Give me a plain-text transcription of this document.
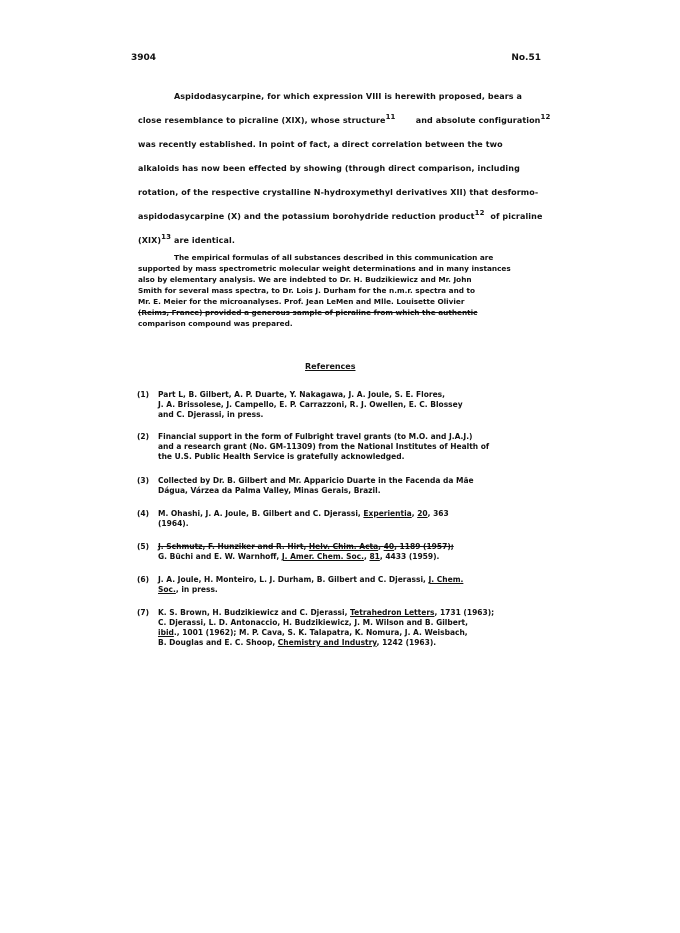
3904	No.51
Aspidodasycarpine, for which expression VIII is herewith proposed, bears a
close resemblance to picraline (XIX), whose structure$^{11}$	and absolute configuration$^{12}$
was recently established. In point of fact, a direct correlation between the two
alkaloids has now been effected by showing (through direct comparison, including
rotation, of the respective crystalline N-hydroxymethyl derivatives XII) that desformo-
aspidodasycarpine (X) and the potassium borohydride reduction product$^{12}$ of picraline
(XIX)$^{13}$ are identical.
The empirical formulas of all substances described in this communication are
supported by mass spectrometric molecular weight determinations and in many instances
also by elementary analysis. We are indebted to Dr. H. Budzikiewicz and Mr. John
Smith for several mass spectra, to Dr. Lois J. Durham for the n.m.r. spectra and to
Mr. E. Meier for the microanalyses. Prof. Jean LeMen and Mlle. Louisette Olivier
(Reims, France) provided a generous sample of picraline from which the authentic
comparison compound was prepared.
References
(1) Part L, B. Gilbert, A. P. Duarte, Y. Nakagawa, J. A. Joule, S. E. Flores,
J. A. Brissolese, J. Campello, E. P. Carrazzoni, R. J. Owellen, E. C. Blossey
and C. Djerassi, in press.
(2) Financial support in the form of Fulbright travel grants (to M.O. and J.A.J.)
and a research grant (No. GM-11309) from the National Institutes of Health of
the U.S. Public Health Service is gratefully acknowledged.
(3) Collected by Dr. B. Gilbert and Mr. Apparicio Duarte in the Facenda da Mãe
Dágua, Várzea da Palma Valley, Minas Gerais, Brazil.
(4) M. Ohashi, J. A. Joule, B. Gilbert and C. Djerassi, Experientia, 20, 363
(1964).
(5) J. Schmutz, F. Hunziker and R. Hirt, Helv. Chim. Acta, 40, 1189 (1957);
G. Büchi and E. W. Warnhoff, J. Amer. Chem. Soc., 81, 4433 (1959).
(6) J. A. Joule, H. Monteiro, L. J. Durham, B. Gilbert and C. Djerassi, J. Chem.
Soc., in press.
(7) K. S. Brown, H. Budzikiewicz and C. Djerassi, Tetrahedron Letters, 1731 (1963);
C. Djerassi, L. D. Antonaccio, H. Budzikiewicz, J. M. Wilson and B. Gilbert,
ibid., 1001 (1962); M. P. Cava, S. K. Talapatra, K. Nomura, J. A. Weisbach,
B. Douglas and E. C. Shoop, Chemistry and Industry, 1242 (1963).
